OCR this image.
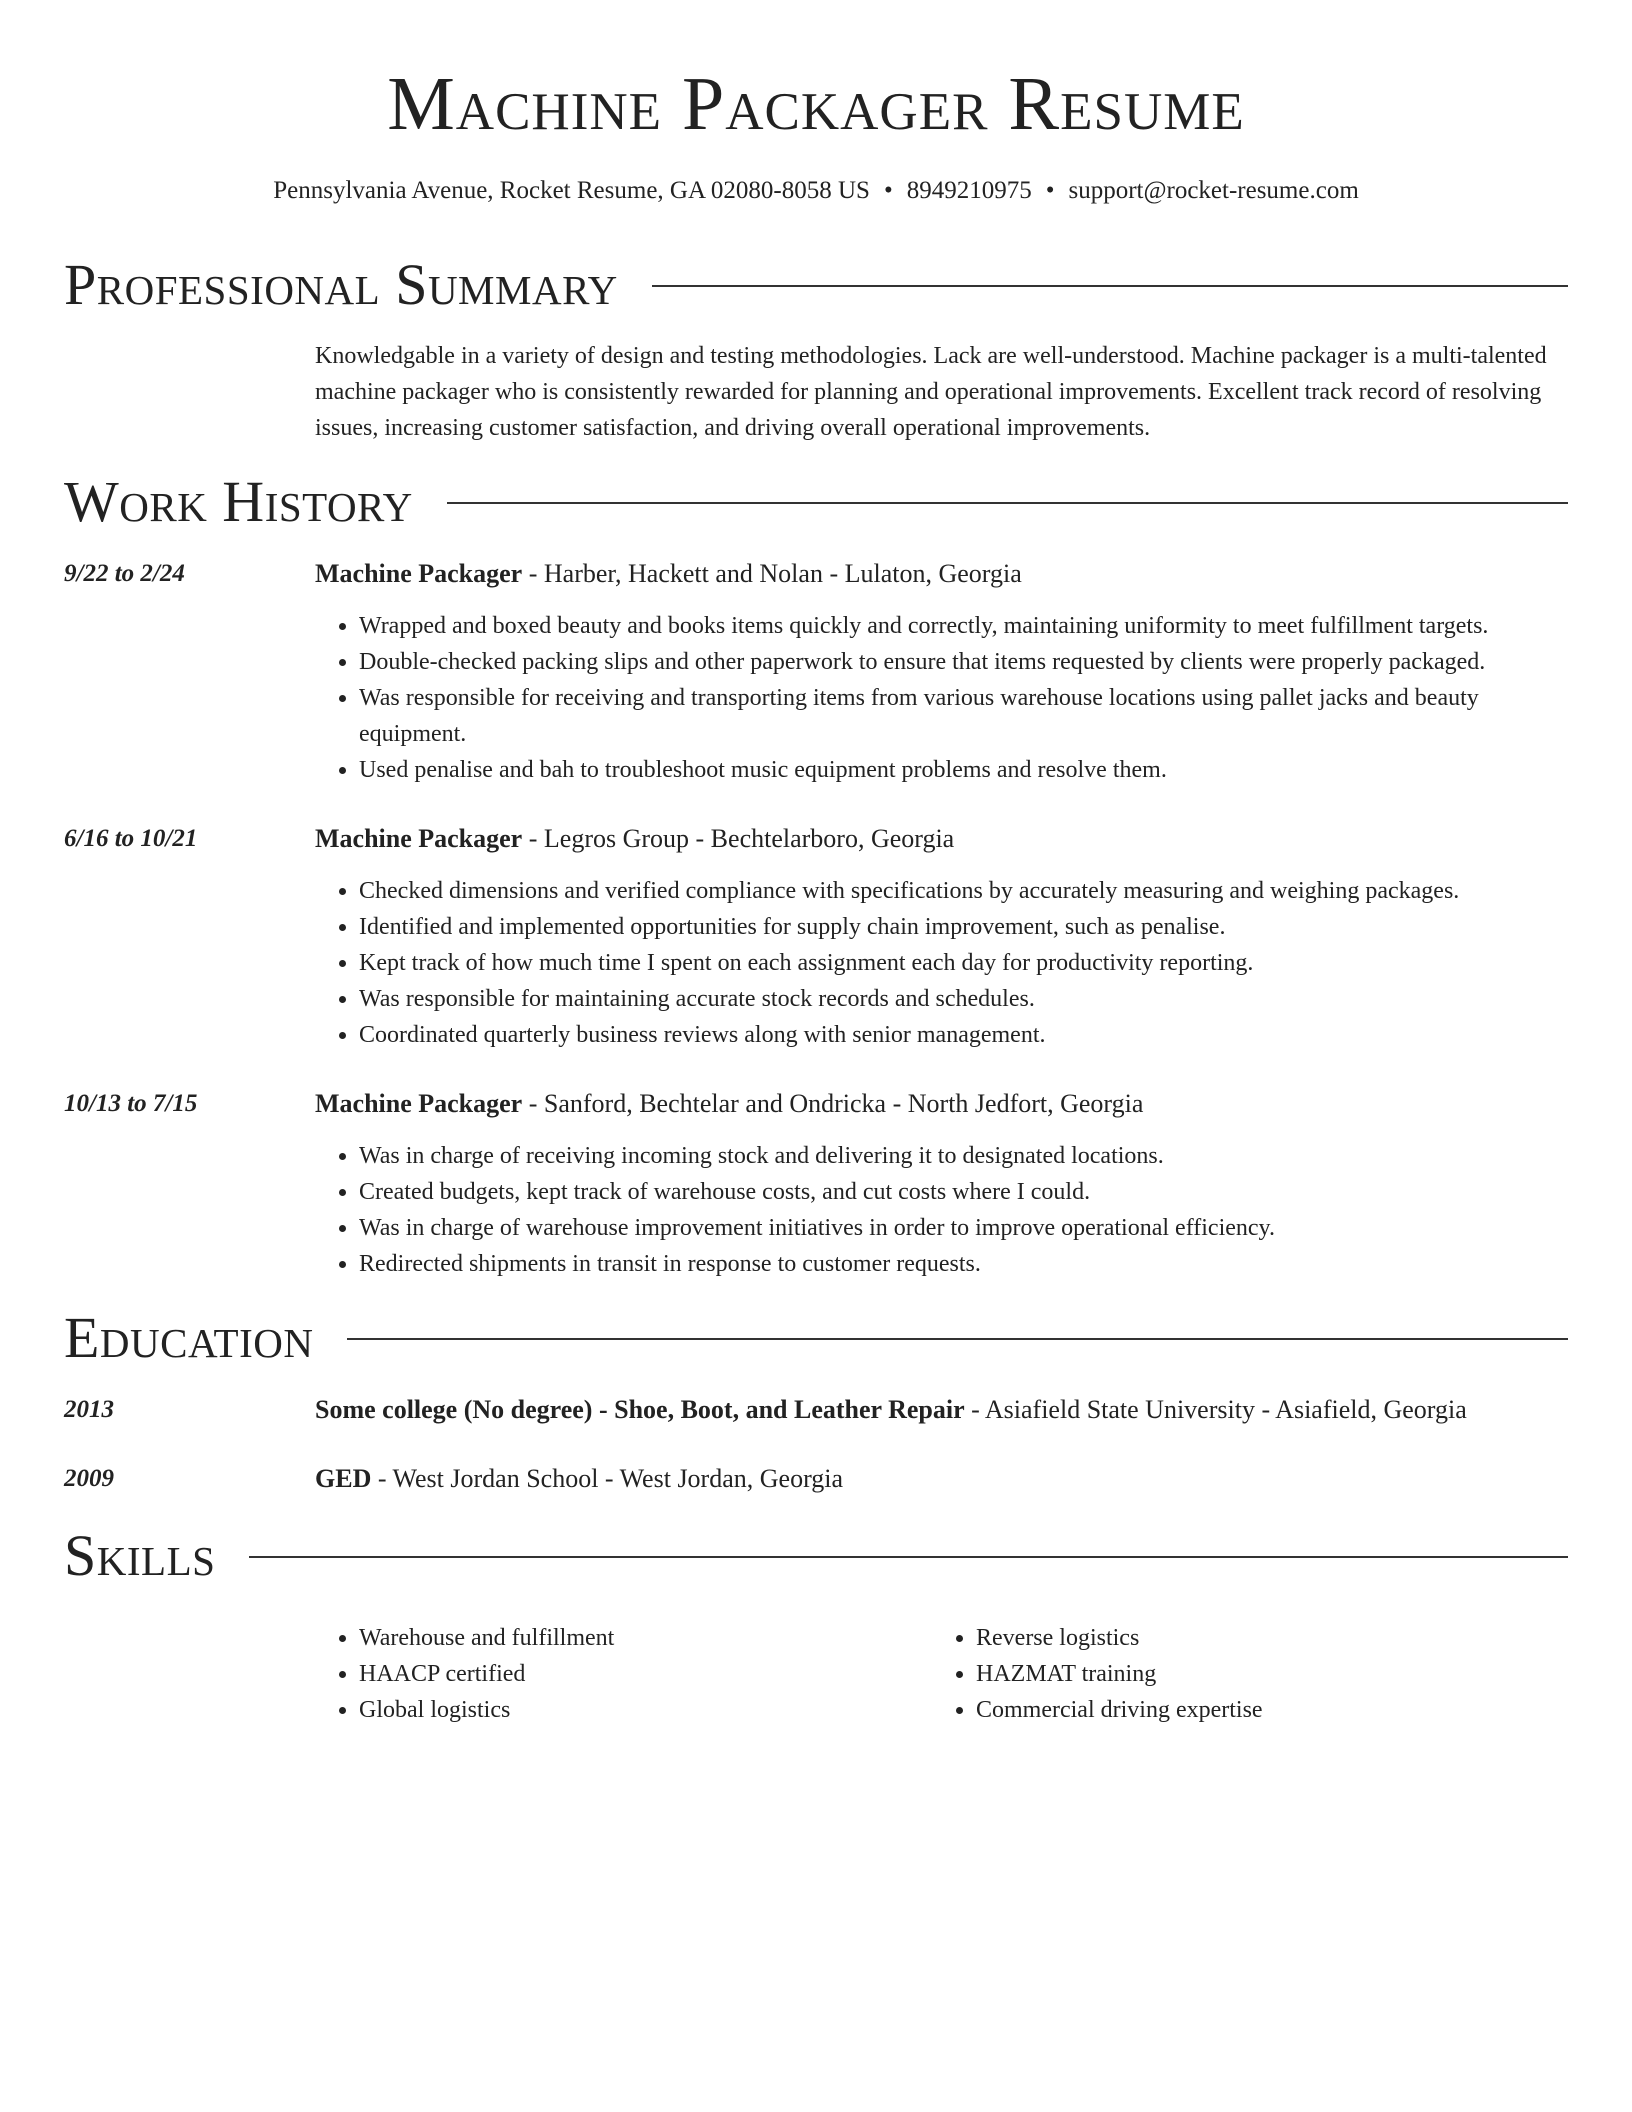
Machine Packager Resume
Pennsylvania Avenue, Rocket Resume, GA 02080-8058 US • 8949210975 • support@rocket-resume.com
Professional Summary
Knowledgable in a variety of design and testing methodologies. Lack are well-understood. Machine packager is a multi-talented machine packager who is consistently rewarded for planning and operational improvements. Excellent track record of resolving issues, increasing customer satisfaction, and driving overall operational improvements.
Work History
9/22 to 2/24	Machine Packager - Harber, Hackett and Nolan - Lulaton, Georgia
• Wrapped and boxed beauty and books items quickly and correctly, maintaining uniformity to meet fulfillment targets.
• Double-checked packing slips and other paperwork to ensure that items requested by clients were properly packaged.
• Was responsible for receiving and transporting items from various warehouse locations using pallet jacks and beauty equipment.
• Used penalise and bah to troubleshoot music equipment problems and resolve them.
6/16 to 10/21	Machine Packager - Legros Group - Bechtelarboro, Georgia
• Checked dimensions and verified compliance with specifications by accurately measuring and weighing packages.
• Identified and implemented opportunities for supply chain improvement, such as penalise.
• Kept track of how much time I spent on each assignment each day for productivity reporting.
• Was responsible for maintaining accurate stock records and schedules.
• Coordinated quarterly business reviews along with senior management.
10/13 to 7/15	Machine Packager - Sanford, Bechtelar and Ondricka - North Jedfort, Georgia
• Was in charge of receiving incoming stock and delivering it to designated locations.
• Created budgets, kept track of warehouse costs, and cut costs where I could.
• Was in charge of warehouse improvement initiatives in order to improve operational efficiency.
• Redirected shipments in transit in response to customer requests.
Education
2013	Some college (No degree) - Shoe, Boot, and Leather Repair - Asiafield State University - Asiafield, Georgia
2009	GED - West Jordan School - West Jordan, Georgia
Skills
• Warehouse and fulfillment
• HAACP certified
• Global logistics
• Reverse logistics
• HAZMAT training
• Commercial driving expertise
